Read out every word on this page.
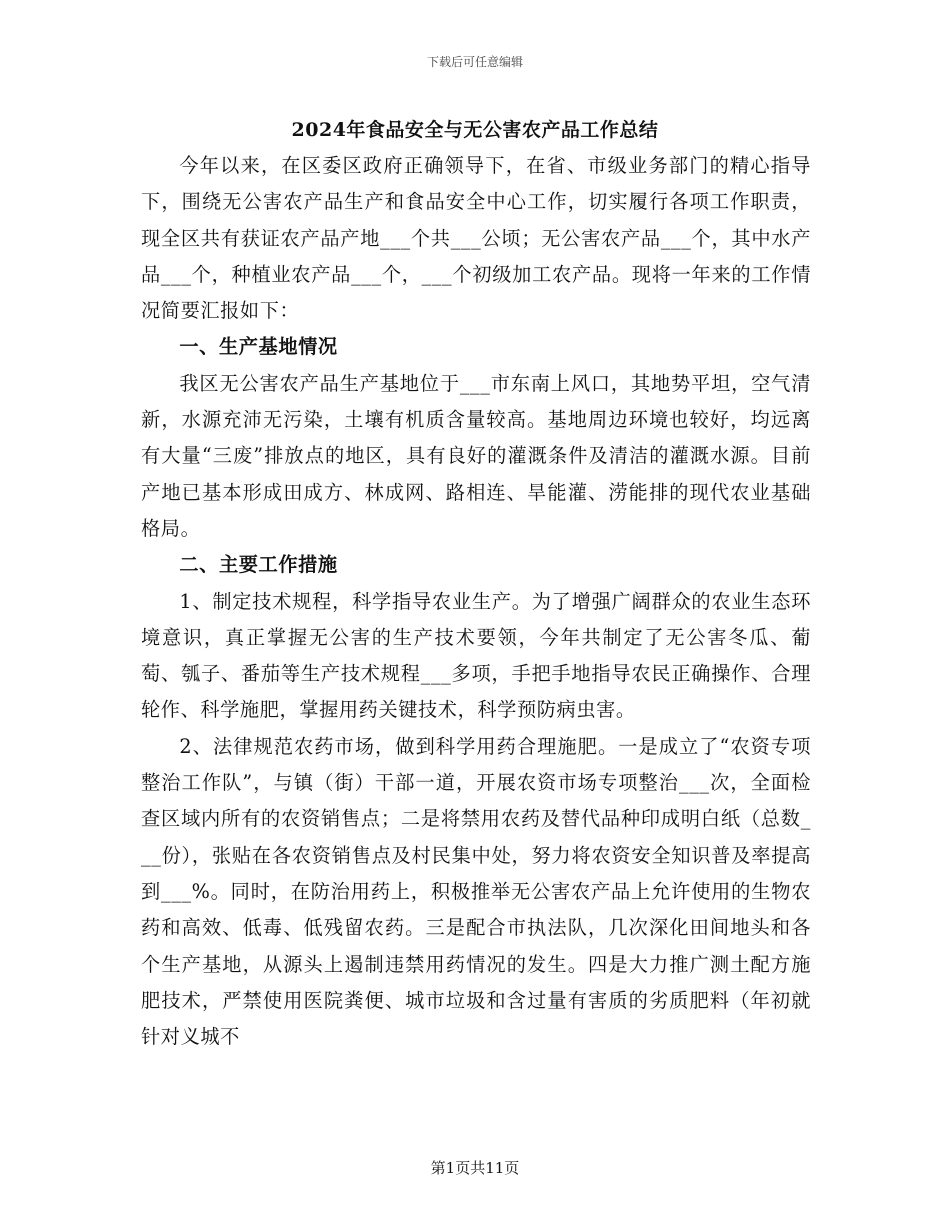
下载后可任意编辑
2024年食品安全与无公害农产品工作总结

今年以来，在区委区政府正确领导下，在省、市级业务部门的精心指导下，围绕无公害农产品生产和食品安全中心工作，切实履行各项工作职责，现全区共有获证农产品产地___个共___公顷；无公害农产品___个，其中水产品___个，种植业农产品___个，___个初级加工农产品。现将一年来的工作情况简要汇报如下：

一、生产基地情况

我区无公害农产品生产基地位于___市东南上风口，其地势平坦，空气清新，水源充沛无污染，土壤有机质含量较高。基地周边环境也较好，均远离有大量“三废”排放点的地区，具有良好的灌溉条件及清洁的灌溉水源。目前产地已基本形成田成方、林成网、路相连、旱能灌、涝能排的现代农业基础格局。

二、主要工作措施

1、制定技术规程，科学指导农业生产。为了增强广阔群众的农业生态环境意识，真正掌握无公害的生产技术要领，今年共制定了无公害冬瓜、葡萄、瓠子、番茄等生产技术规程___多项，手把手地指导农民正确操作、合理轮作、科学施肥，掌握用药关键技术，科学预防病虫害。

2、法律规范农药市场，做到科学用药合理施肥。一是成立了“农资专项整治工作队”，与镇（街）干部一道，开展农资市场专项整治___次，全面检查区域内所有的农资销售点；二是将禁用农药及替代品种印成明白纸（总数___份），张贴在各农资销售点及村民集中处，努力将农资安全知识普及率提高到___%。同时，在防治用药上，积极推举无公害农产品上允许使用的生物农药和高效、低毒、低残留农药。三是配合市执法队，几次深化田间地头和各个生产基地，从源头上遏制违禁用药情况的发生。四是大力推广测土配方施肥技术，严禁使用医院粪便、城市垃圾和含过量有害质的劣质肥料（年初就针对义城不

第1页共11页
